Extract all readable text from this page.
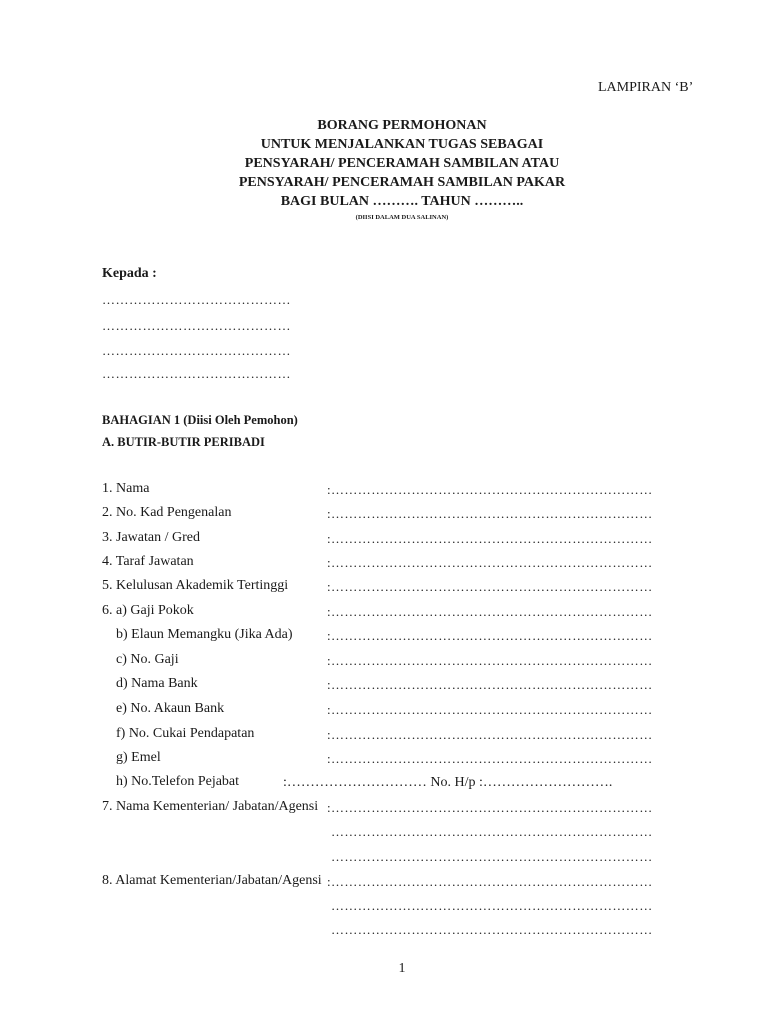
LAMPIRAN ‘B’
BORANG PERMOHONAN
UNTUK MENJALANKAN TUGAS SEBAGAI
PENSYARAH/ PENCERAMAH SAMBILAN ATAU
PENSYARAH/ PENCERAMAH SAMBILAN PAKAR
BAGI BULAN ………. TAHUN ………..
(DIISI DALAM DUA SALINAN)
Kepada :
……………………………………
……………………………………
……………………………………
……………………………………
BAHAGIAN 1 (Diisi Oleh Pemohon)
A. BUTIR-BUTIR PERIBADI
1. Nama	:………………………………………………………………
2. No. Kad Pengenalan	:………………………………………………………………
3. Jawatan / Gred	:………………………………………………………………
4. Taraf Jawatan	:………………………………………………………………
5. Kelulusan Akademik Tertinggi	:………………………………………………………………
6. a) Gaji Pokok	:………………………………………………………………
b) Elaun Memangku (Jika Ada)	:………………………………………………………………
c) No. Gaji	:………………………………………………………………
d) Nama Bank	:………………………………………………………………
e) No. Akaun Bank	:………………………………………………………………
f) No. Cukai Pendapatan	:………………………………………………………………
g) Emel	:………………………………………………………………
h) No.Telefon Pejabat	:………………………… No. H/p :……………………….
7. Nama Kementerian/ Jabatan/Agensi :………………………………………………………………
………………………………………………………………
………………………………………………………………
8. Alamat Kementerian/Jabatan/Agensi :………………………………………………………………
………………………………………………………………
………………………………………………………………
1
